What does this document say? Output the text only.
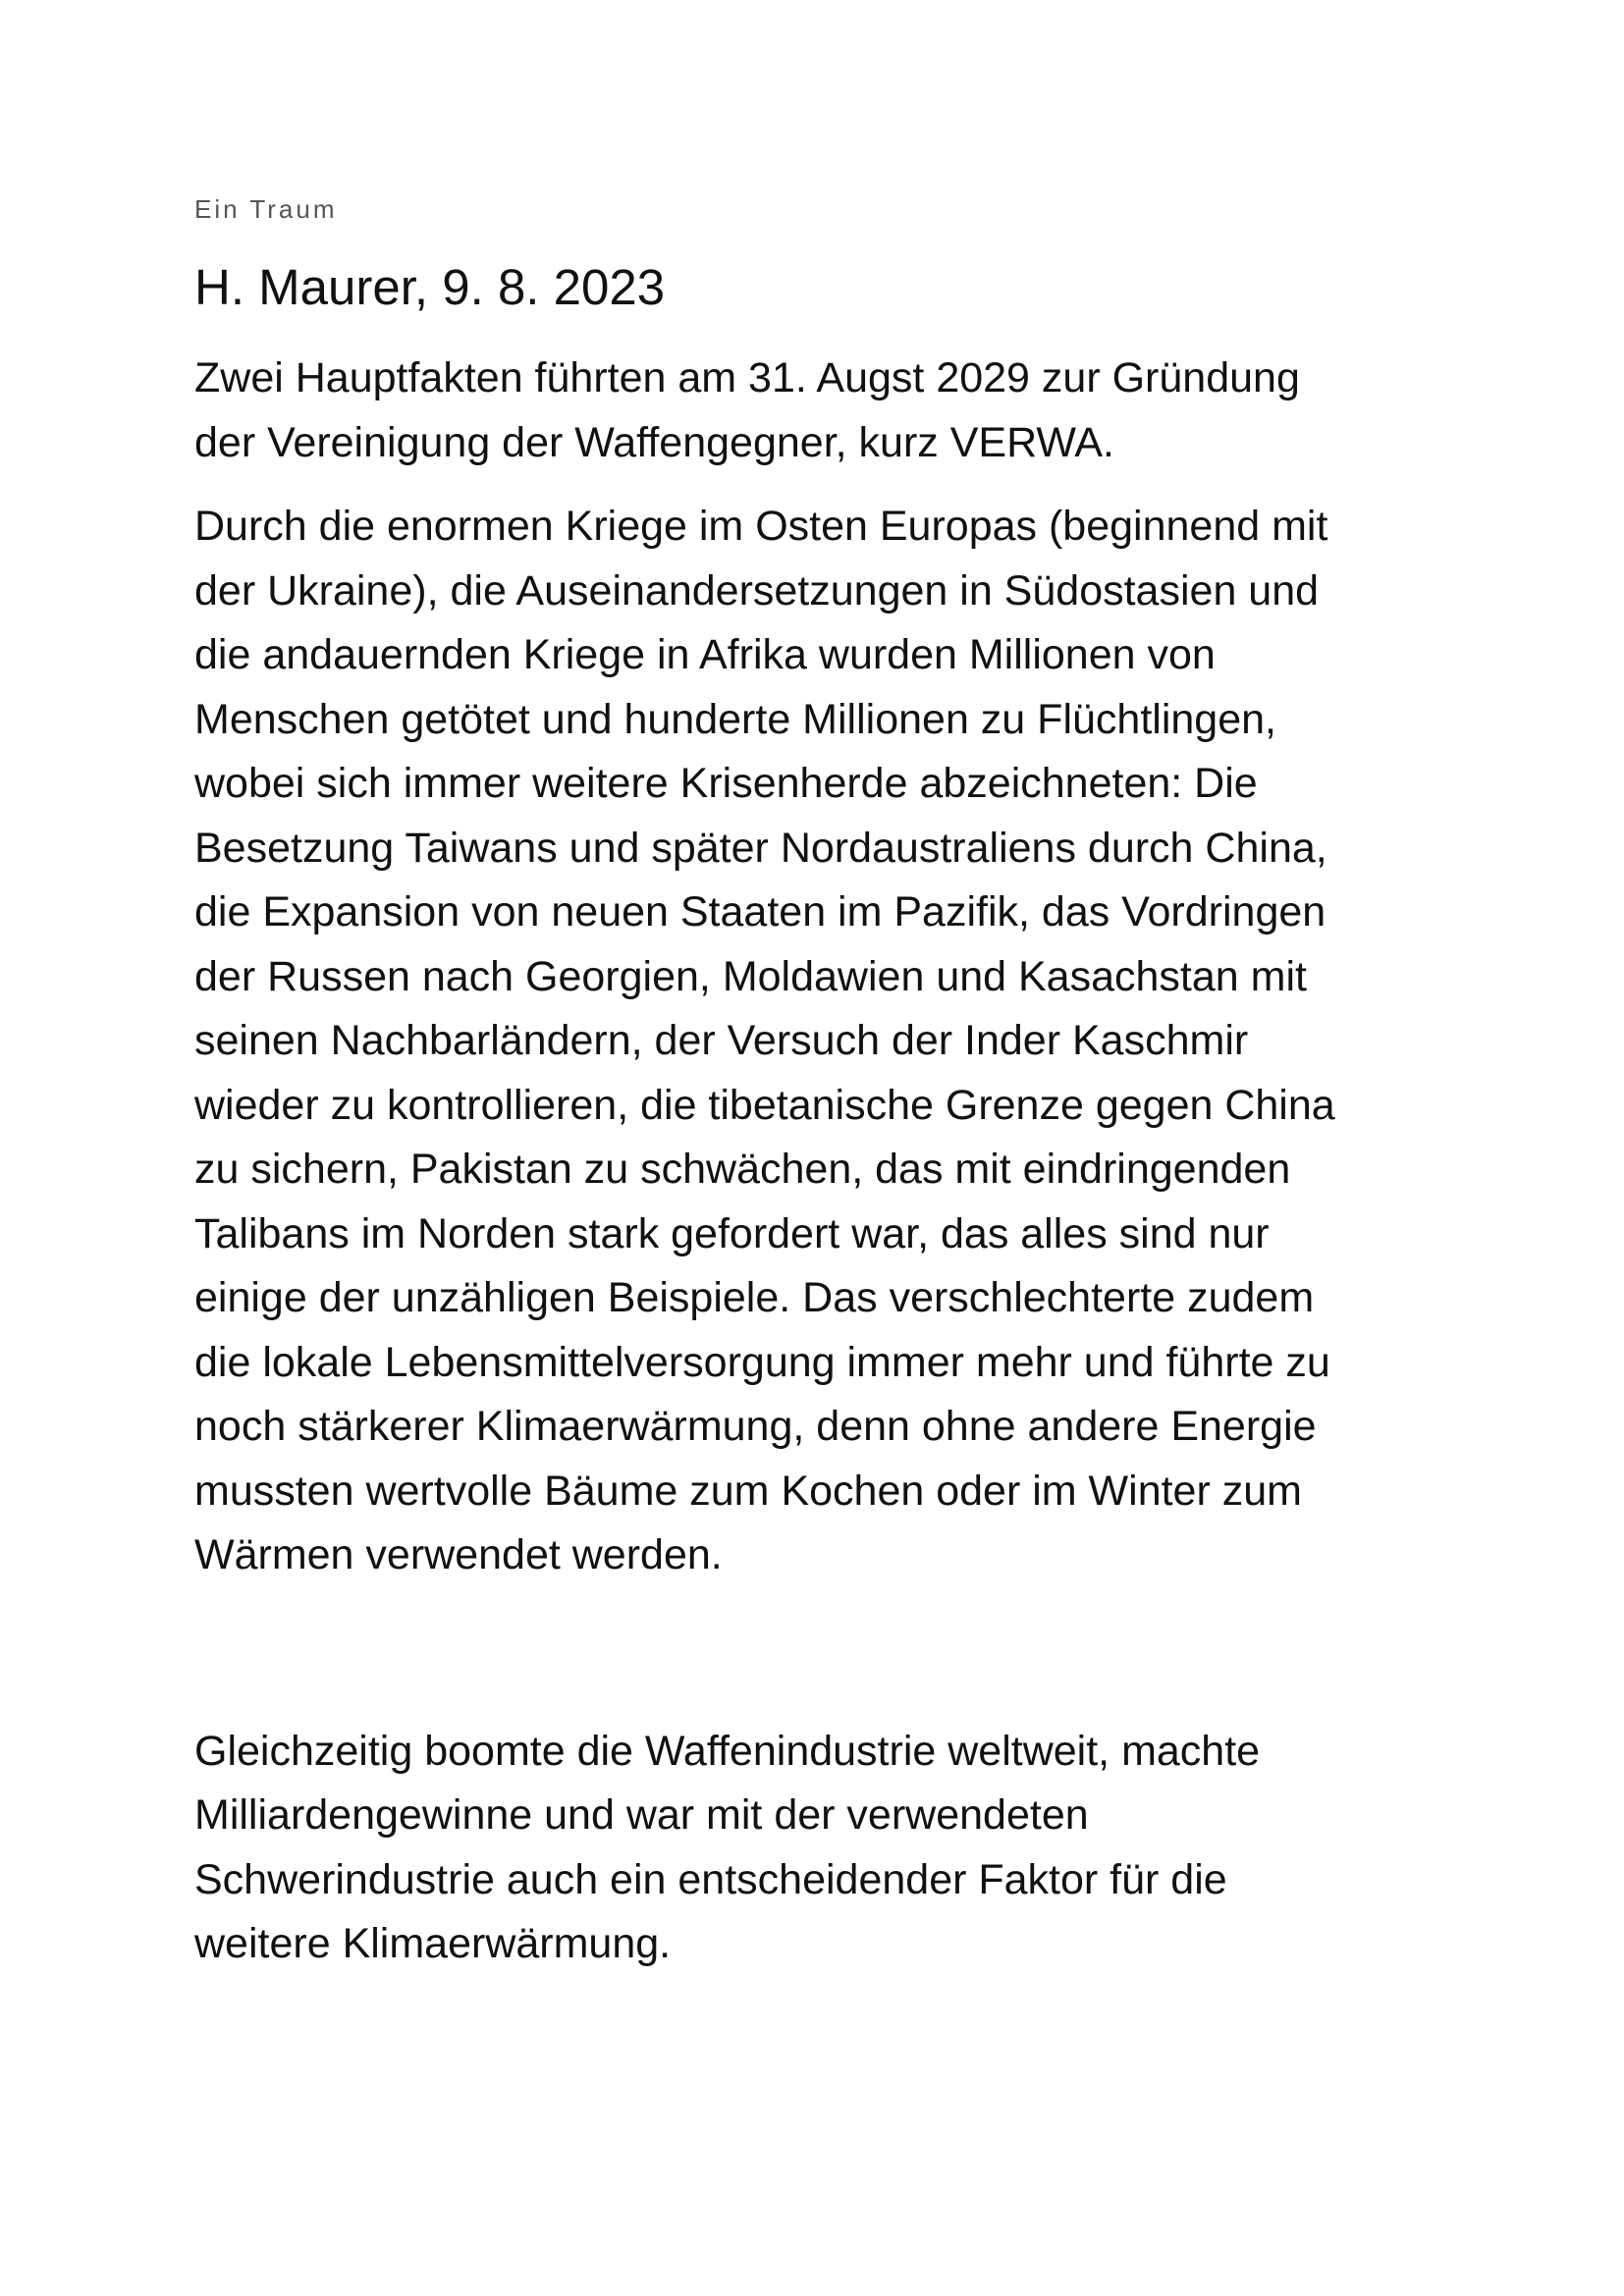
Ein Traum

H. Maurer, 9. 8. 2023

Zwei Hauptfakten führten am 31. Augst 2029 zur Gründung
der Vereinigung der Waffengegner, kurz VERWA.

Durch die enormen Kriege im Osten Europas (beginnend mit
der Ukraine), die Auseinandersetzungen in Südostasien und
die andauernden Kriege in Afrika wurden Millionen von
Menschen getötet und hunderte Millionen zu Flüchtlingen,
wobei sich immer weitere Krisenherde abzeichneten: Die
Besetzung Taiwans und später Nordaustraliens durch China,
die Expansion von neuen Staaten im Pazifik, das Vordringen
der Russen nach Georgien, Moldawien und Kasachstan mit
seinen Nachbarländern, der Versuch der Inder Kaschmir
wieder zu kontrollieren, die tibetanische Grenze gegen China
zu sichern, Pakistan zu schwächen, das mit eindringenden
Talibans im Norden stark gefordert war, das alles sind nur
einige der unzähligen Beispiele. Das verschlechterte zudem
die lokale Lebensmittelversorgung immer mehr und führte zu
noch stärkerer Klimaerwärmung, denn ohne andere Energie
mussten wertvolle Bäume zum Kochen oder im Winter zum
Wärmen verwendet werden.

Gleichzeitig boomte die Waffenindustrie weltweit, machte
Milliardengewinne und war mit der verwendeten
Schwerindustrie auch ein entscheidender Faktor für die
weitere Klimaerwärmung.
